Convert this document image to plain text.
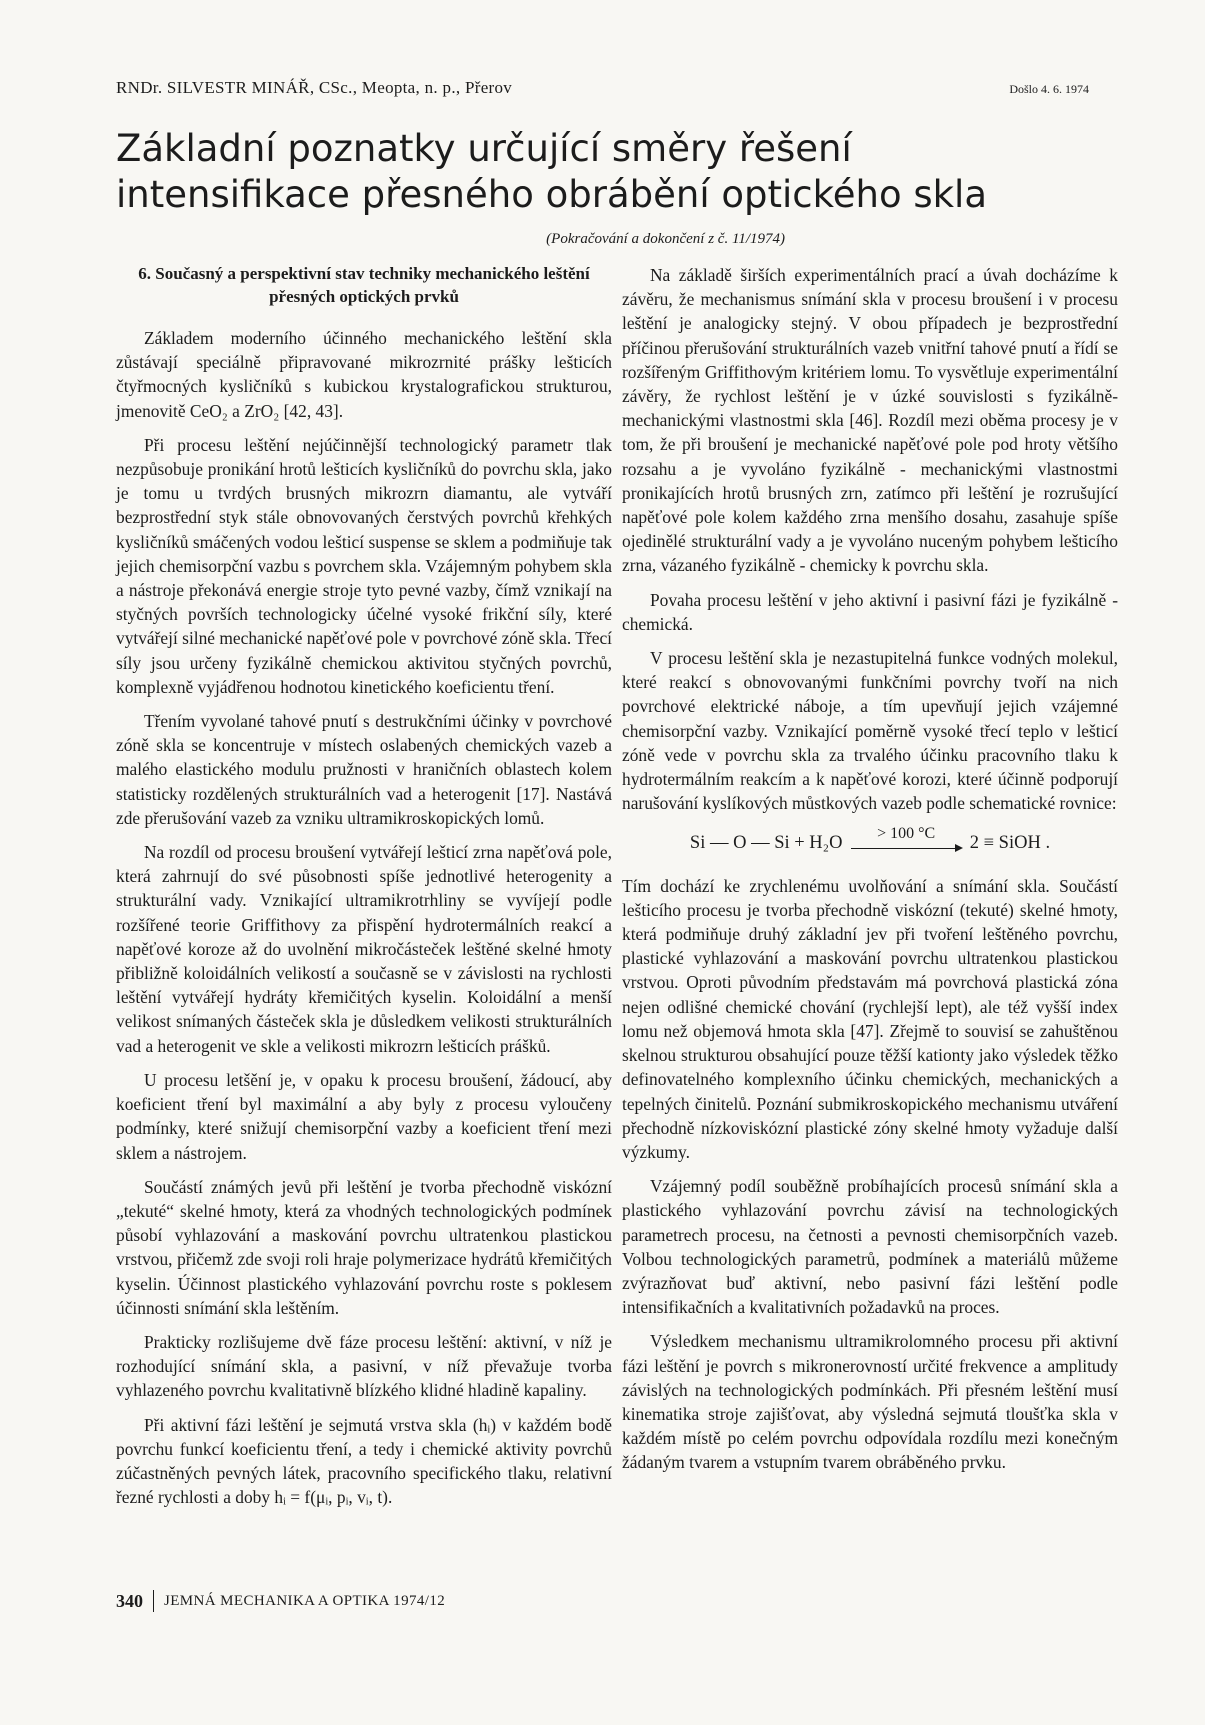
RNDr. SILVESTR MINÁŘ, CSc., Meopta, n. p., Přerov	Došlo 4. 6. 1974
Základní poznatky určující směry řešení intensifikace přesného obrábění optického skla
(Pokračování a dokončení z č. 11/1974)
6. Současný a perspektivní stav techniky mechanického leštění přesných optických prvků

Základem moderního účinného mechanického leštění skla zůstávají speciálně připravované mikrozrnité prášky lešticích čtyřmocných kysličníků s kubickou krystalografickou strukturou, jmenovitě CeO₂ a ZrO₂ [42, 43].

Při procesu leštění nejúčinnější technologický parametr tlak nezpůsobuje pronikání hrotů lešticích kysličníků do povrchu skla, jako je tomu u tvrdých brusných mikrozrn diamantu, ale vytváří bezprostřední styk stále obnovovaných čerstvých povrchů křehkých kysličníků smáčených vodou lešticí suspense se sklem a podmiňuje tak jejich chemisorpční vazbu s povrchem skla. Vzájemným pohybem skla a nástroje překonává energie stroje tyto pevné vazby, čímž vznikají na styčných površích technologicky účelné vysoké frikční síly, které vytvářejí silné mechanické napěťové pole v povrchové zóně skla. Třecí síly jsou určeny fyzikálně chemickou aktivitou styčných povrchů, komplexně vyjádřenou hodnotou kinetického koeficientu tření.

Třením vyvolané tahové pnutí s destrukčními účinky v povrchové zóně skla se koncentruje v místech oslabených chemických vazeb a malého elastického modulu pružnosti v hraničních oblastech kolem statisticky rozdělených strukturálních vad a heterogenit [17]. Nastává zde přerušování vazeb za vzniku ultramikroskopických lomů.

Na rozdíl od procesu broušení vytvářejí lešticí zrna napěťová pole, která zahrnují do své působnosti spíše jednotlivé heterogenity a strukturální vady. Vznikající ultramikrotrhliny se vyvíjejí podle rozšířené teorie Griffithovy za přispění hydrotermálních reakcí a napěťové koroze až do uvolnění mikročásteček leštěné skelné hmoty přibližně koloidálních velikostí a současně se v závislosti na rychlosti leštění vytvářejí hydráty křemičitých kyselin. Koloidální a menší velikost snímaných částeček skla je důsledkem velikosti strukturálních vad a heterogenit ve skle a velikosti mikrozrn lešticích prášků.

U procesu letšění je, v opaku k procesu broušení, žádoucí, aby koeficient tření byl maximální a aby byly z procesu vyloučeny podmínky, které snižují chemisorpční vazby a koeficient tření mezi sklem a nástrojem.

Součástí známých jevů při leštění je tvorba přechodně viskózní „tekuté“ skelné hmoty, která za vhodných technologických podmínek působí vyhlazování a maskování povrchu ultratenkou plastickou vrstvou, přičemž zde svoji roli hraje polymerizace hydrátů křemičitých kyselin. Účinnost plastického vyhlazování povrchu roste s poklesem účinnosti snímání skla leštěním.

Prakticky rozlišujeme dvě fáze procesu leštění: aktivní, v níž je rozhodující snímání skla, a pasivní, v níž převažuje tvorba vyhlazeného povrchu kvalitativně blízkého klidné hladině kapaliny.

Při aktivní fázi leštění je sejmutá vrstva skla (hᵢ) v každém bodě povrchu funkcí koeficientu tření, a tedy i chemické aktivity povrchů zúčastněných pevných látek, pracovního specifického tlaku, relativní řezné rychlosti a doby hᵢ = f(μᵢ, pᵢ, vᵢ, t).

Na základě širších experimentálních prací a úvah docházíme k závěru, že mechanismus snímání skla v procesu broušení i v procesu leštění je analogicky stejný. V obou případech je bezprostřední příčinou přerušování strukturálních vazeb vnitřní tahové pnutí a řídí se rozšířeným Griffithovým kritériem lomu. To vysvětluje experimentální závěry, že rychlost leštění je v úzké souvislosti s fyzikálně-mechanickými vlastnostmi skla [46]. Rozdíl mezi oběma procesy je v tom, že při broušení je mechanické napěťové pole pod hroty většího rozsahu a je vyvoláno fyzikálně - mechanickými vlastnostmi pronikajících hrotů brusných zrn, zatímco při leštění je rozrušující napěťové pole kolem každého zrna menšího dosahu, zasahuje spíše ojedinělé strukturální vady a je vyvoláno nuceným pohybem lešticího zrna, vázaného fyzikálně - chemicky k povrchu skla.

Povaha procesu leštění v jeho aktivní i pasivní fázi je fyzikálně - chemická.

V procesu leštění skla je nezastupitelná funkce vodných molekul, které reakcí s obnovovanými funkčními povrchy tvoří na nich povrchové elektrické náboje, a tím upevňují jejich vzájemné chemisorpční vazby. Vznikající poměrně vysoké třecí teplo v lešticí zóně vede v povrchu skla za trvalého účinku pracovního tlaku k hydrotermálním reakcím a k napěťové korozi, které účinně podporují narušování kyslíkových můstkových vazeb podle schematické rovnice:

Si — O — Si + H₂O
> 100 °C
2 ≡ SiOH .

Tím dochází ke zrychlenému uvolňování a snímání skla. Součástí lešticího procesu je tvorba přechodně viskózní (tekuté) skelné hmoty, která podmiňuje druhý základní jev při tvoření leštěného povrchu, plastické vyhlazování a maskování povrchu ultratenkou plastickou vrstvou. Oproti původním představám má povrchová plastická zóna nejen odlišné chemické chování (rychlejší lept), ale též vyšší index lomu než objemová hmota skla [47]. Zřejmě to souvisí se zahuštěnou skelnou strukturou obsahující pouze těžší kationty jako výsledek těžko definovatelného komplexního účinku chemických, mechanických a tepelných činitelů. Poznání submikroskopického mechanismu utváření přechodně nízkoviskózní plastické zóny skelné hmoty vyžaduje další výzkumy.

Vzájemný podíl souběžně probíhajících procesů snímání skla a plastického vyhlazování povrchu závisí na technologických parametrech procesu, na četnosti a pevnosti chemisorpčních vazeb. Volbou technologických parametrů, podmínek a materiálů můžeme zvýrazňovat buď aktivní, nebo pasivní fázi leštění podle intensifikačních a kvalitativních požadavků na proces.

Výsledkem mechanismu ultramikrolomného procesu při aktivní fázi leštění je povrch s mikronerovností určité frekvence a amplitudy závislých na technologických podmínkách. Při přesném leštění musí kinematika stroje zajišťovat, aby výsledná sejmutá tloušťka skla v každém místě po celém povrchu odpovídala rozdílu mezi konečným žádaným tvarem a vstupním tvarem obráběného prvku.

340 JEMNÁ MECHANIKA A OPTIKA 1974/12
